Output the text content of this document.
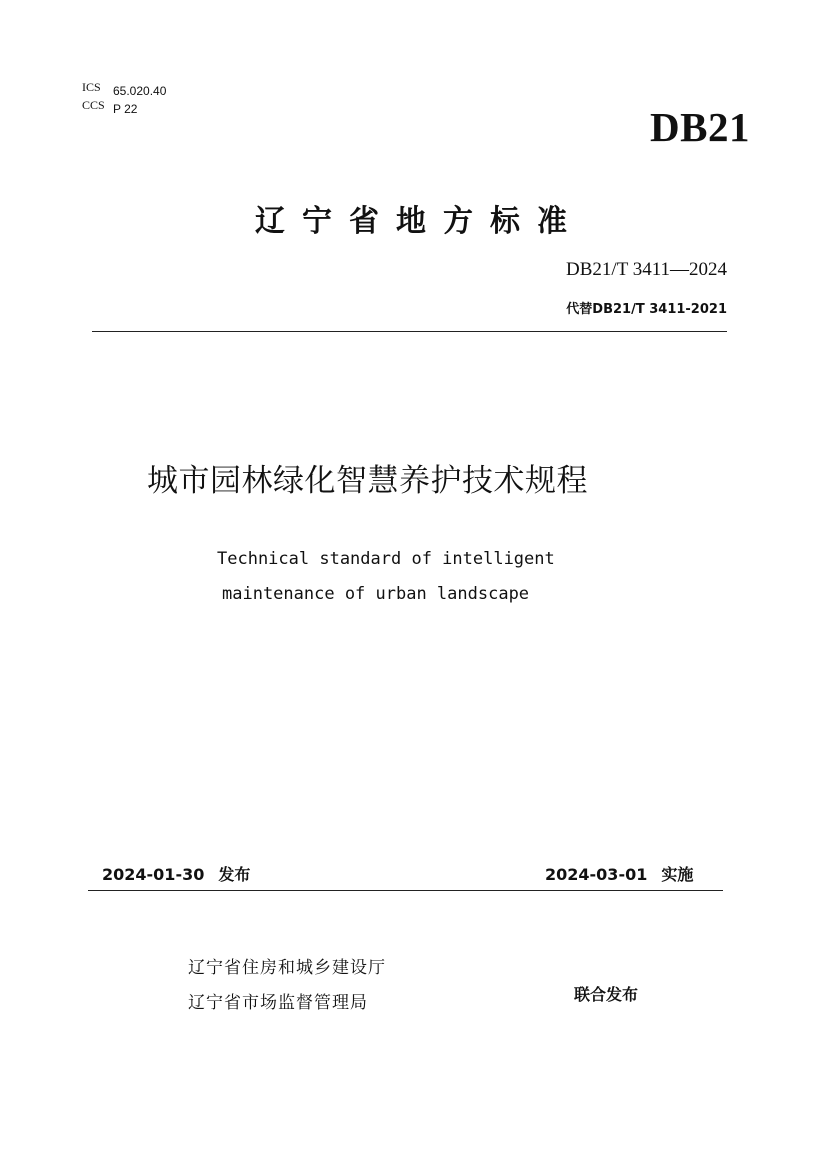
ICS 65.020.40
CCS P 22	DB21
辽宁省地方标准
DB21/T 3411—2024
代替DB21/T 3411-2021
城市园林绿化智慧养护技术规程
Technical standard of intelligent
maintenance of urban landscape
2024-01-30 发布	2024-03-01 实施
辽宁省住房和城乡建设厅
辽宁省市场监督管理局	联合发布
